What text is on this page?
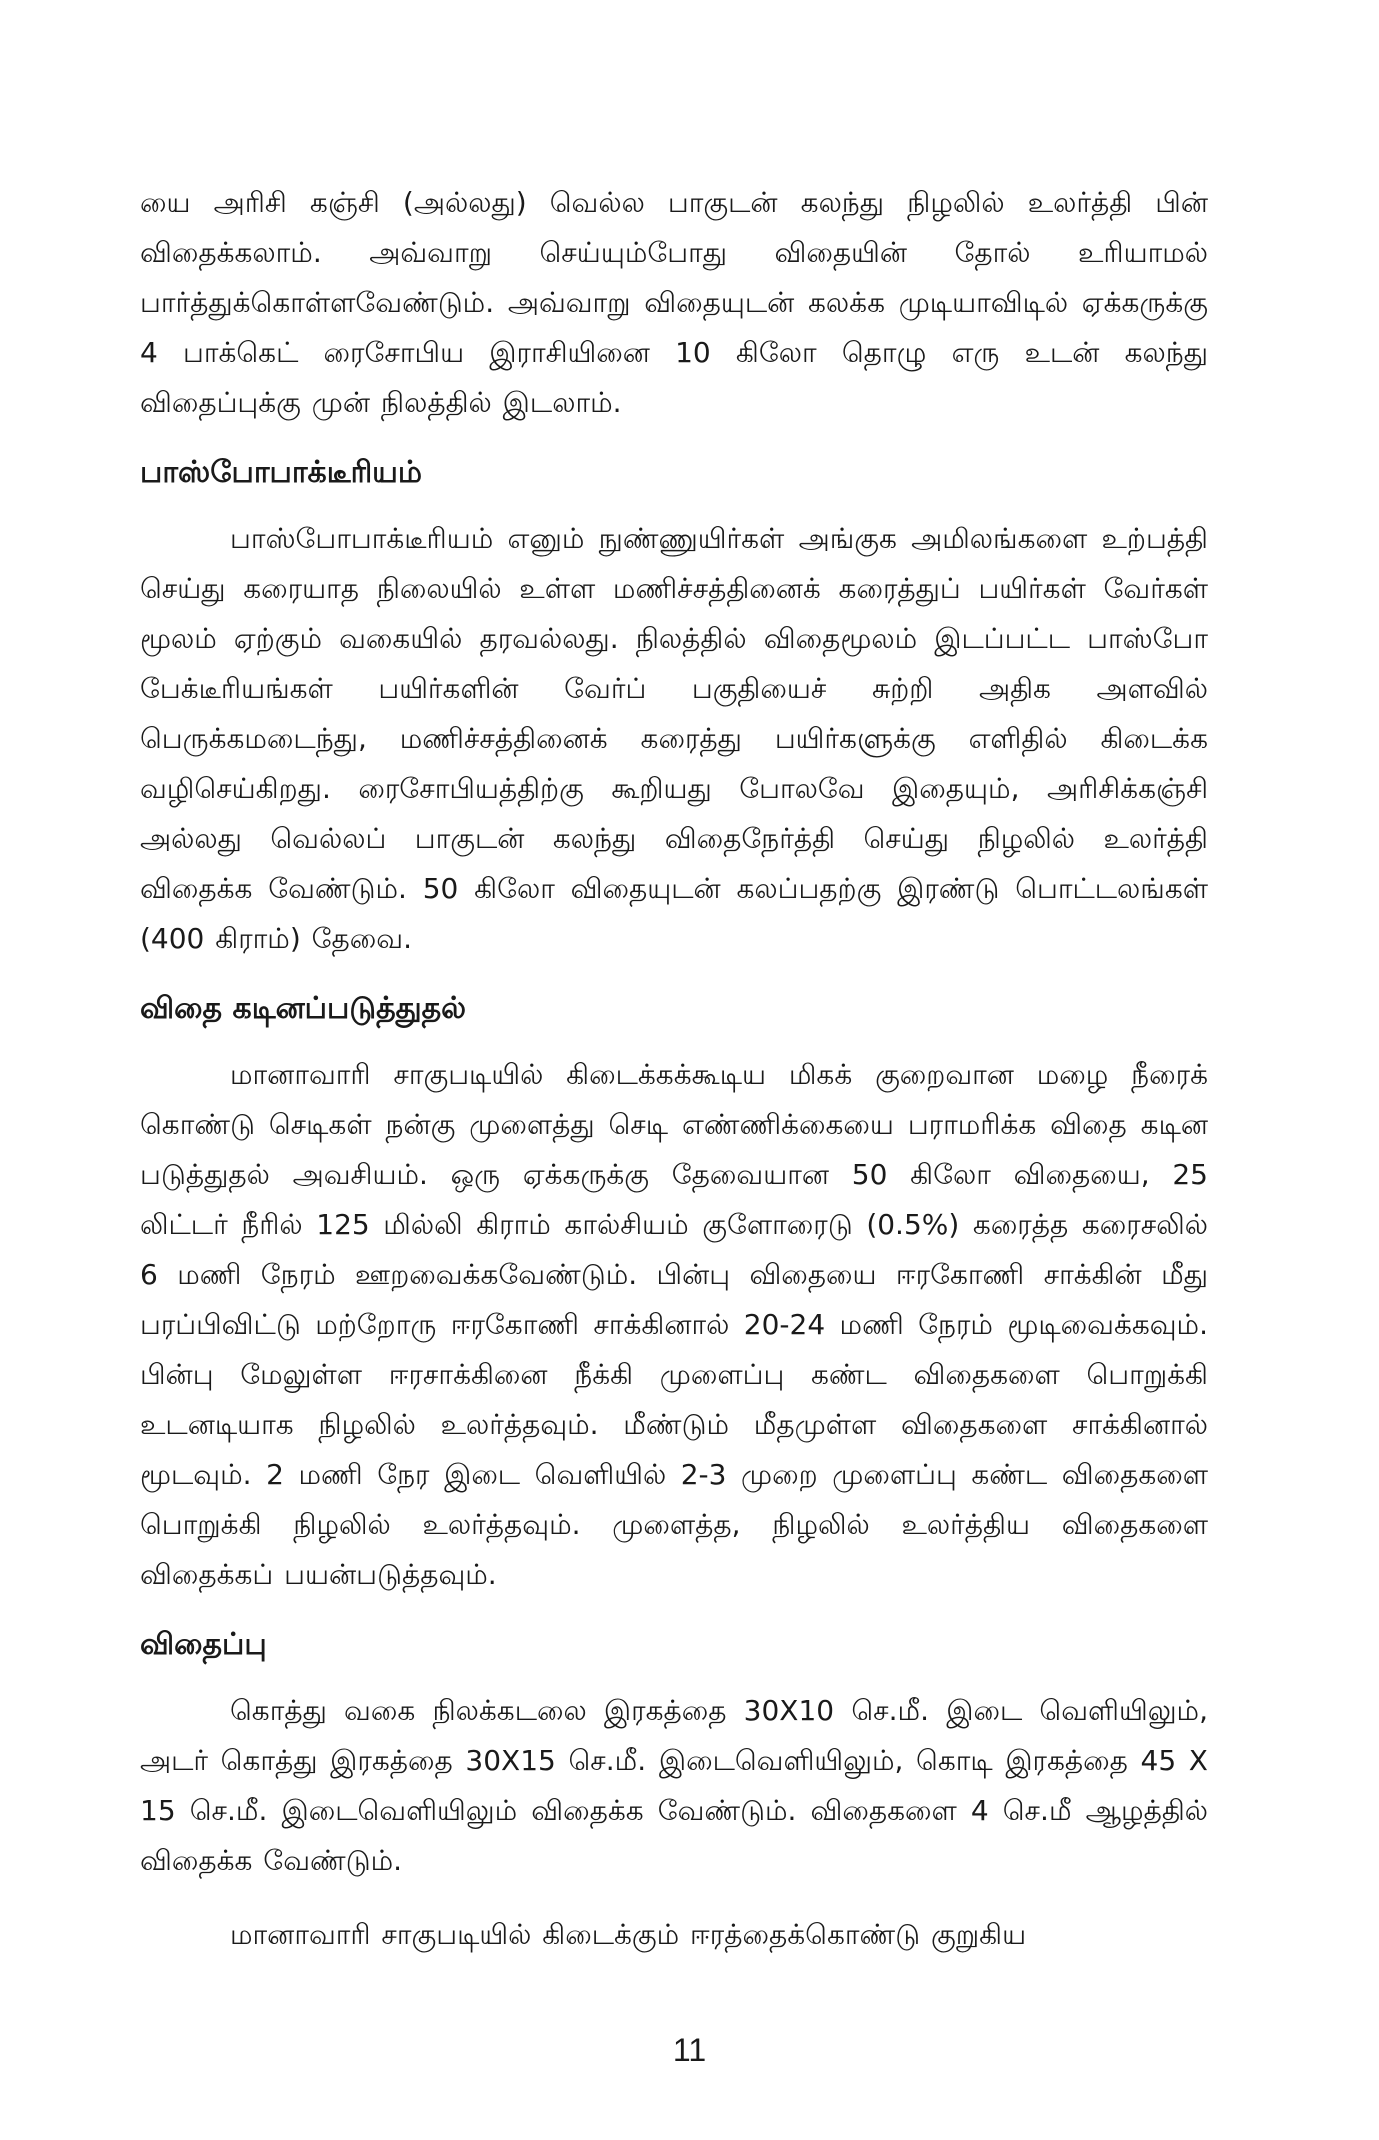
யை அரிசி கஞ்சி (அல்லது) வெல்ல பாகுடன் கலந்து நிழலில் உலர்த்தி பின் விதைக்கலாம். அவ்வாறு செய்யும்போது விதையின் தோல் உரியாமல் பார்த்துக்கொள்ளவேண்டும். அவ்வாறு விதையுடன் கலக்க முடியாவிடில் ஏக்கருக்கு 4 பாக்கெட் ரைசோபிய இராசியினை 10 கிலோ தொழு எரு உடன் கலந்து விதைப்புக்கு முன் நிலத்தில் இடலாம்.

பாஸ்போபாக்டீரியம்

பாஸ்போபாக்டீரியம் எனும் நுண்ணுயிர்கள் அங்குக அமிலங்களை உற்பத்தி செய்து கரையாத நிலையில் உள்ள மணிச்சத்தினைக் கரைத்துப் பயிர்கள் வேர்கள் மூலம் ஏற்கும் வகையில் தரவல்லது. நிலத்தில் விதைமூலம் இடப்பட்ட பாஸ்போ பேக்டீரியங்கள் பயிர்களின் வேர்ப் பகுதியைச் சுற்றி அதிக அளவில் பெருக்கமடைந்து, மணிச்சத்தினைக் கரைத்து பயிர்களுக்கு எளிதில் கிடைக்க வழிசெய்கிறது. ரைசோபியத்திற்கு கூறியது போலவே இதையும், அரிசிக்கஞ்சி அல்லது வெல்லப் பாகுடன் கலந்து விதைநேர்த்தி செய்து நிழலில் உலர்த்தி விதைக்க வேண்டும். 50 கிலோ விதையுடன் கலப்பதற்கு இரண்டு பொட்டலங்கள் (400 கிராம்) தேவை.

விதை கடினப்படுத்துதல்

மானாவாரி சாகுபடியில் கிடைக்கக்கூடிய மிகக் குறைவான மழை நீரைக் கொண்டு செடிகள் நன்கு முளைத்து செடி எண்ணிக்கையை பராமரிக்க விதை கடின படுத்துதல் அவசியம். ஒரு ஏக்கருக்கு தேவையான 50 கிலோ விதையை, 25 லிட்டர் நீரில் 125 மில்லி கிராம் கால்சியம் குளோரைடு (0.5%) கரைத்த கரைசலில் 6 மணி நேரம் ஊறவைக்கவேண்டும். பின்பு விதையை ஈரகோணி சாக்கின் மீது பரப்பிவிட்டு மற்றோரு ஈரகோணி சாக்கினால் 20-24 மணி நேரம் மூடிவைக்கவும். பின்பு மேலுள்ள ஈரசாக்கினை நீக்கி முளைப்பு கண்ட விதைகளை பொறுக்கி உடனடியாக நிழலில் உலர்த்தவும். மீண்டும் மீதமுள்ள விதைகளை சாக்கினால் மூடவும். 2 மணி நேர இடை வெளியில் 2-3 முறை முளைப்பு கண்ட விதைகளை பொறுக்கி நிழலில் உலர்த்தவும். முளைத்த, நிழலில் உலர்த்திய விதைகளை விதைக்கப் பயன்படுத்தவும்.

விதைப்பு

கொத்து வகை நிலக்கடலை இரகத்தை 30X10 செ.மீ. இடை வெளியிலும், அடர் கொத்து இரகத்தை 30X15 செ.மீ. இடைவெளியிலும், கொடி இரகத்தை 45 X 15 செ.மீ. இடைவெளியிலும் விதைக்க வேண்டும். விதைகளை 4 செ.மீ ஆழத்தில் விதைக்க வேண்டும்.

மானாவாரி சாகுபடியில் கிடைக்கும் ஈரத்தைக்கொண்டு குறுகிய

11
